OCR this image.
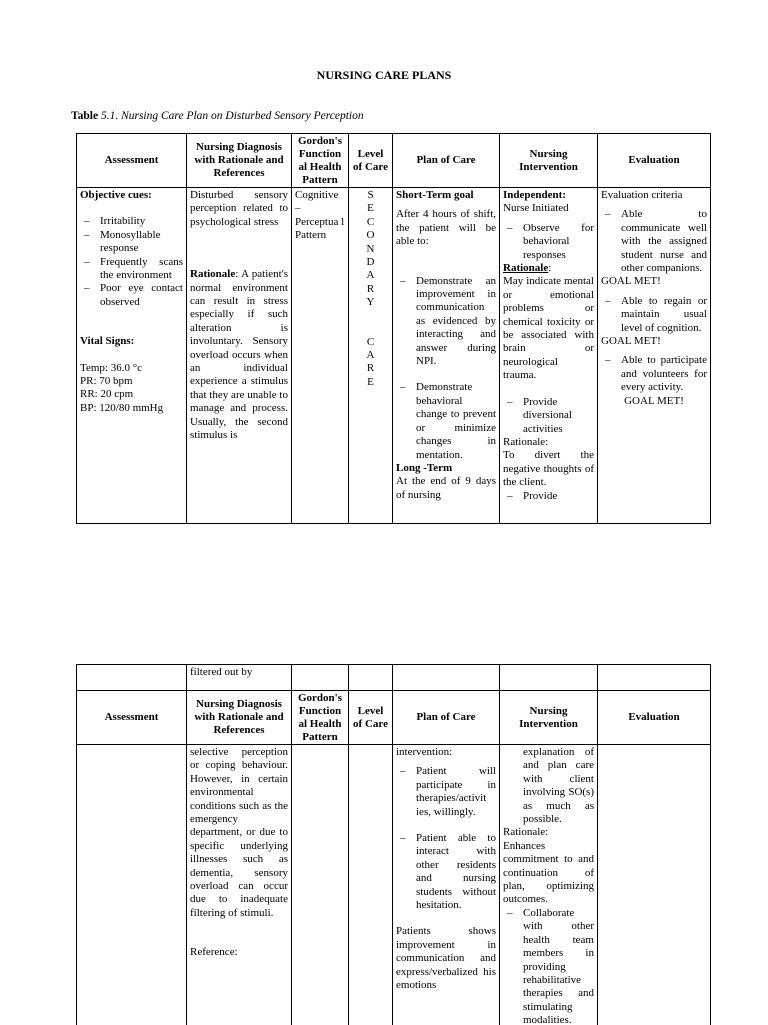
NURSING CARE PLANS
Table 5.1. Nursing Care Plan on Disturbed Sensory Perception
Assessment
Nursing Diagnosis with Rationale and References
Gordon's Function al Health Pattern
Level of Care
Plan of Care
Nursing Intervention
Evaluation
Objective cues:
– Irritability
– Monosyllable response
– Frequently scans the environment
– Poor eye contact observed
Vital Signs:
Temp: 36.0 °c
PR: 70 bpm
RR: 20 cpm
BP: 120/80 mmHg
Disturbed sensory perception related to psychological stress
Rationale: A patient's normal environment can result in stress especially if such alteration is involuntary. Sensory overload occurs when an individual experience a stimulus that they are unable to manage and process. Usually, the second stimulus is
Cognitive
–
Perceptua l Pattern
S
E
C
O
N
D
A
R
Y
C
A
R
E
Short-Term goal
After 4 hours of shift, the patient will be able to:
– Demonstrate an improvement in communication as evidenced by interacting and answer during NPI.
– Demonstrate behavioral change to prevent or minimize changes in mentation.
Long -Term
At the end of 9 days of nursing
Independent:
Nurse Initiated
– Observe for behavioral responses
Rationale:
May indicate mental or emotional problems or chemical toxicity or be associated with brain or neurological trauma.
– Provide diversional activities
Rationale:
To divert the negative thoughts of the client.
– Provide
Evaluation criteria
– Able to communicate well with the assigned student nurse and other companions.
GOAL MET!
– Able to regain or maintain usual level of cognition.
GOAL MET!
– Able to participate and volunteers for every activity.
GOAL MET!
filtered out by
Assessment
Nursing Diagnosis with Rationale and References
Gordon's Function al Health Pattern
Level of Care
Plan of Care
Nursing Intervention
Evaluation
selective perception or coping behaviour. However, in certain environmental conditions such as the emergency department, or due to specific underlying illnesses such as dementia, sensory overload can occur due to inadequate filtering of stimuli.
Reference:
intervention:
– Patient will participate in therapies/activit ies, willingly.
– Patient able to interact with other residents and nursing students without hesitation.
Patients shows improvement in communication and express/verbalized his emotions
explanation of and plan care with client involving SO(s) as much as possible.
Rationale:
Enhances commitment to and continuation of plan, optimizing outcomes.
– Collaborate with other health team members in providing rehabilitative therapies and stimulating modalities.
